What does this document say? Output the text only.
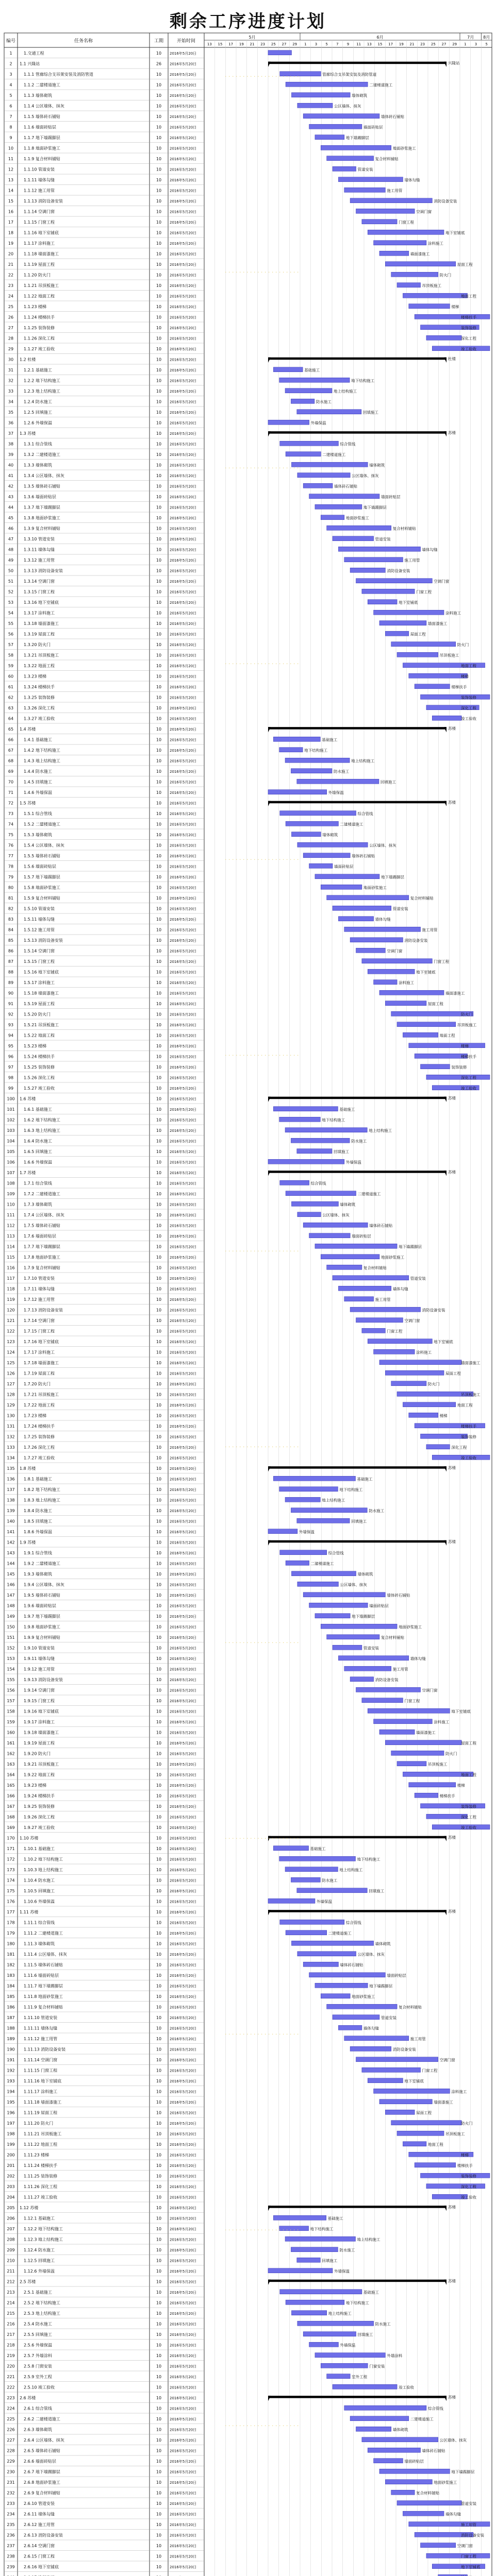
剩余工序进度计划
编号	任务名称	工期	开始时间
5月	6月	7月 8月
13 15 17 19 21 23 25 27 29 1 3 5 7 9 11 13 15 17 19 21 23 25 27 29 1 3 5
1	1.交通工程	10 2016年5月20日
2 1.1 兴隆站	26 2016年5月20日	兴隆站
3	1.1.1 管廊综合支吊架安装及消防管道	10 2016年5月20日	管廊综合支吊架安装及消防管道
4	1.1.2 二建楼道施工	10 2016年5月20日	二建楼道施工
5	1.1.3 墙体砌筑	10 2016年5月20日	墙体砌筑
6	1.1.4 公区墙体、抹灰	10 2016年5月20日	公区墙体、抹灰
7	1.1.5 墙体砖石铺贴	10 2016年5月20日	墙体砖石铺贴
8	1.1.6 墙面砖贴层	10 2016年5月20日	墙面砖贴层
9	1.1.7 地下墙踢脚层	10 2016年5月20日	地下墙踢脚层
10 1.1.8 地面砂浆施工	10 2016年5月20日	地面砂浆施工
11 1.1.9 复合材料铺贴	10 2016年5月20日	复合材料铺贴
12 1.1.10 管道安装	10 2016年5月20日	管道安装
13 1.1.11 墙体勾缝	10 2016年5月20日	墙体勾缝
14 1.1.12 施工用管	10 2016年5月20日	施工用管
15 1.1.13 消防设备安装	10 2016年5月20日	消防设备安装
16 1.1.14 空调门窗	10 2016年5月20日	空调门窗
17 1.1.15 门窗工程	10 2016年5月20日	门窗工程
18 1.1.16 地下室铺底	10 2016年5月20日	地下室铺底
19 1.1.17 涂料施工	10 2016年5月20日	涂料施工
20 1.1.18 墙面漆施工	10 2016年5月20日	墙面漆施工
21 1.1.19 屋面工程	10 2016年5月20日	屋面工程
22 1.1.20 防火门	10 2016年5月20日	防火门
23 1.1.21 吊顶板施工	10 2016年5月20日	吊顶板施工
24 1.1.22 地面工程	10 2016年5月20日	地面工程
25 1.1.23 楼梯	10 2016年5月20日	楼梯
26 1.1.24 楼梯扶手	10 2016年5月20日	楼梯扶手
27 1.1.25 装饰装修	10 2016年5月20日	装饰装修
28 1.1.26 深化工程	10 2016年5月20日	深化工程
29 1.1.27 竣工验收	10 2016年5月20日	竣工验收
30 1.2 杜楼	10 2016年5月20日	杜楼
31 1.2.1 基础施工	10 2016年5月20日	基础施工
32 1.2.2 地下结构施工	10 2016年5月20日	地下结构施工
33 1.2.3 地上结构施工	10 2016年5月20日	地上结构施工
34 1.2.4 防水施工	10 2016年5月20日	防水施工
35 1.2.5 回填施工	10 2016年5月20日	回填施工
36 1.2.6 外墙保温	10 2016年5月20日	外墙保温
37 1.3 苏楼	10 2016年5月20日	苏楼
38 1.3.1 综合管线	10 2016年5月20日	综合管线
39 1.3.2 二建楼道施工	10 2016年5月20日	二建楼道施工
40 1.3.3 墙体砌筑	10 2016年5月20日	墙体砌筑
41 1.3.4 公区墙体、抹灰	10 2016年5月20日	公区墙体、抹灰
42 1.3.5 墙体砖石铺贴	10 2016年5月20日	墙体砖石铺贴
43 1.3.6 墙面砖贴层	10 2016年5月20日	墙面砖贴层
44 1.3.7 地下墙踢脚层	10 2016年5月20日	地下墙踢脚层
45 1.3.8 地面砂浆施工	10 2016年5月20日	地面砂浆施工
46 1.3.9 复合材料铺贴	10 2016年5月20日	复合材料铺贴
47 1.3.10 管道安装	10 2016年5月20日	管道安装
48 1.3.11 墙体勾缝	10 2016年5月20日	墙体勾缝
49 1.3.12 施工用管	10 2016年5月20日	施工用管
50 1.3.13 消防设备安装	10 2016年5月20日	消防设备安装
51 1.3.14 空调门窗	10 2016年5月20日	空调门窗
52 1.3.15 门窗工程	10 2016年5月20日	门窗工程
53 1.3.16 地下室铺底	10 2016年5月20日	地下室铺底
54 1.3.17 涂料施工	10 2016年5月20日	涂料施工
55 1.3.18 墙面漆施工	10 2016年5月20日	墙面漆施工
56 1.3.19 屋面工程	10 2016年5月20日	屋面工程
57 1.3.20 防火门	10 2016年5月20日	防火门
58 1.3.21 吊顶板施工	10 2016年5月20日	吊顶板施工
59 1.3.22 地面工程	10 2016年5月20日	地面工程
60 1.3.23 楼梯	10 2016年5月20日	楼梯
61 1.3.24 楼梯扶手	10 2016年5月20日	楼梯扶手
62 1.3.25 装饰装修	10 2016年5月20日	装饰装修
63 1.3.26 深化工程	10 2016年5月20日	深化工程
64 1.3.27 竣工验收	10 2016年5月20日	竣工验收
65 1.4 苏楼	10 2016年5月20日	苏楼
66 1.4.1 基础施工	10 2016年5月20日	基础施工
67 1.4.2 地下结构施工	10 2016年5月20日	地下结构施工
68 1.4.3 地上结构施工	10 2016年5月20日	地上结构施工
69 1.4.4 防水施工	10 2016年5月20日	防水施工
70 1.4.5 回填施工	10 2016年5月20日	回填施工
71 1.4.6 外墙保温	10 2016年5月20日	外墙保温
72 1.5 苏楼	10 2016年5月20日	苏楼
73 1.5.1 综合管线	10 2016年5月20日	综合管线
74 1.5.2 二建楼道施工	10 2016年5月20日	二建楼道施工
75 1.5.3 墙体砌筑	10 2016年5月20日	墙体砌筑
76 1.5.4 公区墙体、抹灰	10 2016年5月20日	公区墙体、抹灰
77 1.5.5 墙体砖石铺贴	10 2016年5月20日	墙体砖石铺贴
78 1.5.6 墙面砖贴层	10 2016年5月20日	墙面砖贴层
79 1.5.7 地下墙踢脚层	10 2016年5月20日	地下墙踢脚层
80 1.5.8 地面砂浆施工	10 2016年5月20日	地面砂浆施工
81 1.5.9 复合材料铺贴	10 2016年5月20日	复合材料铺贴
82 1.5.10 管道安装	10 2016年5月20日	管道安装
83 1.5.11 墙体勾缝	10 2016年5月20日	墙体勾缝
84 1.5.12 施工用管	10 2016年5月20日	施工用管
85 1.5.13 消防设备安装	10 2016年5月20日	消防设备安装
86 1.5.14 空调门窗	10 2016年5月20日	空调门窗
87 1.5.15 门窗工程	10 2016年5月20日	门窗工程
88 1.5.16 地下室铺底	10 2016年5月20日	地下室铺底
89 1.5.17 涂料施工	10 2016年5月20日	涂料施工
90 1.5.18 墙面漆施工	10 2016年5月20日	墙面漆施工
91 1.5.19 屋面工程	10 2016年5月20日	屋面工程
92 1.5.20 防火门	10 2016年5月20日	防火门
93 1.5.21 吊顶板施工	10 2016年5月20日	吊顶板施工
94 1.5.22 地面工程	10 2016年5月20日	地面工程
95 1.5.23 楼梯	10 2016年5月20日	楼梯
96 1.5.24 楼梯扶手	10 2016年5月20日	楼梯扶手
97 1.5.25 装饰装修	10 2016年5月20日	装饰装修
98 1.5.26 深化工程	10 2016年5月20日	深化工程
99 1.5.27 竣工验收	10 2016年5月20日	竣工验收
100 1.6 苏楼	10 2016年5月20日	苏楼
101 1.6.1 基础施工	10 2016年5月20日	基础施工
102 1.6.2 地下结构施工	10 2016年5月20日	地下结构施工
103 1.6.3 地上结构施工	10 2016年5月20日	地上结构施工
104 1.6.4 防水施工	10 2016年5月20日	防水施工
105 1.6.5 回填施工	10 2016年5月20日	回填施工
106 1.6.6 外墙保温	10 2016年5月20日	外墙保温
107 1.7 苏楼	10 2016年5月20日	苏楼
108 1.7.1 综合管线	10 2016年5月20日	综合管线
109 1.7.2 二建楼道施工	10 2016年5月20日	二建楼道施工
110 1.7.3 墙体砌筑	10 2016年5月20日	墙体砌筑
111 1.7.4 公区墙体、抹灰	10 2016年5月20日	公区墙体、抹灰
112 1.7.5 墙体砖石铺贴	10 2016年5月20日	墙体砖石铺贴
113 1.7.6 墙面砖贴层	10 2016年5月20日	墙面砖贴层
114 1.7.7 地下墙踢脚层	10 2016年5月20日	地下墙踢脚层
115 1.7.8 地面砂浆施工	10 2016年5月20日	地面砂浆施工
116 1.7.9 复合材料铺贴	10 2016年5月20日	复合材料铺贴
117 1.7.10 管道安装	10 2016年5月20日	管道安装
118 1.7.11 墙体勾缝	10 2016年5月20日	墙体勾缝
119 1.7.12 施工用管	10 2016年5月20日	施工用管
120 1.7.13 消防设备安装	10 2016年5月20日	消防设备安装
121 1.7.14 空调门窗	10 2016年5月20日	空调门窗
122 1.7.15 门窗工程	10 2016年5月20日	门窗工程
123 1.7.16 地下室铺底	10 2016年5月20日	地下室铺底
124 1.7.17 涂料施工	10 2016年5月20日	涂料施工
125 1.7.18 墙面漆施工	10 2016年5月20日	墙面漆施工
126 1.7.19 屋面工程	10 2016年5月20日	屋面工程
127 1.7.20 防火门	10 2016年5月20日	防火门
128 1.7.21 吊顶板施工	10 2016年5月20日	吊顶板施工
129 1.7.22 地面工程	10 2016年5月20日	地面工程
130 1.7.23 楼梯	10 2016年5月20日	楼梯
131 1.7.24 楼梯扶手	10 2016年5月20日	楼梯扶手
132 1.7.25 装饰装修	10 2016年5月20日	装饰装修
133 1.7.26 深化工程	10 2016年5月20日	深化工程
134 1.7.27 竣工验收	10 2016年5月20日	竣工验收
135 1.8 苏楼	10 2016年5月20日	苏楼
136 1.8.1 基础施工	10 2016年5月20日	基础施工
137 1.8.2 地下结构施工	10 2016年5月20日	地下结构施工
138 1.8.3 地上结构施工	10 2016年5月20日	地上结构施工
139 1.8.4 防水施工	10 2016年5月20日	防水施工
140 1.8.5 回填施工	10 2016年5月20日	回填施工
141 1.8.6 外墙保温	10 2016年5月20日	外墙保温
142 1.9 苏楼	10 2016年5月20日	苏楼
143 1.9.1 综合管线	10 2016年5月20日	综合管线
144 1.9.2 二建楼道施工	10 2016年5月20日	二建楼道施工
145 1.9.3 墙体砌筑	10 2016年5月20日	墙体砌筑
146 1.9.4 公区墙体、抹灰	10 2016年5月20日	公区墙体、抹灰
147 1.9.5 墙体砖石铺贴	10 2016年5月20日	墙体砖石铺贴
148 1.9.6 墙面砖贴层	10 2016年5月20日	墙面砖贴层
149 1.9.7 地下墙踢脚层	10 2016年5月20日	地下墙踢脚层
150 1.9.8 地面砂浆施工	10 2016年5月20日	地面砂浆施工
151 1.9.9 复合材料铺贴	10 2016年5月20日	复合材料铺贴
152 1.9.10 管道安装	10 2016年5月20日	管道安装
153 1.9.11 墙体勾缝	10 2016年5月20日	墙体勾缝
154 1.9.12 施工用管	10 2016年5月20日	施工用管
155 1.9.13 消防设备安装	10 2016年5月20日	消防设备安装
156 1.9.14 空调门窗	10 2016年5月20日	空调门窗
157 1.9.15 门窗工程	10 2016年5月20日	门窗工程
158 1.9.16 地下室铺底	10 2016年5月20日	地下室铺底
159 1.9.17 涂料施工	10 2016年5月20日	涂料施工
160 1.9.18 墙面漆施工	10 2016年5月20日	墙面漆施工
161 1.9.19 屋面工程	10 2016年5月20日	屋面工程
162 1.9.20 防火门	10 2016年5月20日	防火门
163 1.9.21 吊顶板施工	10 2016年5月20日	吊顶板施工
164 1.9.22 地面工程	10 2016年5月20日	地面工程
165 1.9.23 楼梯	10 2016年5月20日	楼梯
166 1.9.24 楼梯扶手	10 2016年5月20日	楼梯扶手
167 1.9.25 装饰装修	10 2016年5月20日	装饰装修
168 1.9.26 深化工程	10 2016年5月20日	深化工程
169 1.9.27 竣工验收	10 2016年5月20日	竣工验收
170 1.10 苏楼	10 2016年5月20日	苏楼
171 1.10.1 基础施工	10 2016年5月20日	基础施工
172 1.10.2 地下结构施工	10 2016年5月20日	地下结构施工
173 1.10.3 地上结构施工	10 2016年5月20日	地上结构施工
174 1.10.4 防水施工	10 2016年5月20日	防水施工
175 1.10.5 回填施工	10 2016年5月20日	回填施工
176 1.10.6 外墙保温	10 2016年5月20日	外墙保温
177 1.11 苏楼	10 2016年5月20日	苏楼
178 1.11.1 综合管线	10 2016年5月20日	综合管线
179 1.11.2 二建楼道施工	10 2016年5月20日	二建楼道施工
180 1.11.3 墙体砌筑	10 2016年5月20日	墙体砌筑
181 1.11.4 公区墙体、抹灰	10 2016年5月20日	公区墙体、抹灰
182 1.11.5 墙体砖石铺贴	10 2016年5月20日	墙体砖石铺贴
183 1.11.6 墙面砖贴层	10 2016年5月20日	墙面砖贴层
184 1.11.7 地下墙踢脚层	10 2016年5月20日	地下墙踢脚层
185 1.11.8 地面砂浆施工	10 2016年5月20日	地面砂浆施工
186 1.11.9 复合材料铺贴	10 2016年5月20日	复合材料铺贴
187 1.11.10 管道安装	10 2016年5月20日	管道安装
188 1.11.11 墙体勾缝	10 2016年5月20日	墙体勾缝
189 1.11.12 施工用管	10 2016年5月20日	施工用管
190 1.11.13 消防设备安装	10 2016年5月20日	消防设备安装
191 1.11.14 空调门窗	10 2016年5月20日	空调门窗
192 1.11.15 门窗工程	10 2016年5月20日	门窗工程
193 1.11.16 地下室铺底	10 2016年5月20日	地下室铺底
194 1.11.17 涂料施工	10 2016年5月20日	涂料施工
195 1.11.18 墙面漆施工	10 2016年5月20日	墙面漆施工
196 1.11.19 屋面工程	10 2016年5月20日	屋面工程
197 1.11.20 防火门	10 2016年5月20日	防火门
198 1.11.21 吊顶板施工	10 2016年5月20日	吊顶板施工
199 1.11.22 地面工程	10 2016年5月20日	地面工程
200 1.11.23 楼梯	10 2016年5月20日	楼梯
201 1.11.24 楼梯扶手	10 2016年5月20日	楼梯扶手
202 1.11.25 装饰装修	10 2016年5月20日	装饰装修
203 1.11.26 深化工程	10 2016年5月20日	深化工程
204 1.11.27 竣工验收	10 2016年5月20日	竣工验收
205 1.12 苏楼	10 2016年5月20日	苏楼
206 1.12.1 基础施工	10 2016年5月20日	基础施工
207 1.12.2 地下结构施工	10 2016年5月20日	地下结构施工
208 1.12.3 地上结构施工	10 2016年5月20日	地上结构施工
209 1.12.4 防水施工	10 2016年5月20日	防水施工
210 1.12.5 回填施工	10 2016年5月20日	回填施工
211 1.12.6 外墙保温	10 2016年5月20日	外墙保温
212 2.5 苏楼	10 2016年5月20日	苏楼
213 2.5.1 基础施工	10 2016年5月20日	基础施工
214 2.5.2 地下结构施工	10 2016年5月20日	地下结构施工
215 2.5.3 地上结构施工	10 2016年5月20日	地上结构施工
216 2.5.4 防水施工	10 2016年5月20日	防水施工
217 2.5.5 回填施工	10 2016年5月20日	回填施工
218 2.5.6 外墙保温	10 2016年5月20日	外墙保温
219 2.5.7 外墙涂料	10 2016年5月20日	外墙涂料
220 2.5.8 门窗安装	10 2016年5月20日	门窗安装
221 2.5.9 室外工程	10 2016年5月20日	室外工程
222 2.5.10 竣工验收	10 2016年5月20日	竣工验收
223 2.6 苏楼	10 2016年5月20日	苏楼
224 2.6.1 综合管线	10 2016年5月20日	综合管线
225 2.6.2 二建楼道施工	10 2016年5月20日	二建楼道施工
226 2.6.3 墙体砌筑	10 2016年5月20日	墙体砌筑
227 2.6.4 公区墙体、抹灰	10 2016年5月20日	公区墙体、抹灰
228 2.6.5 墙体砖石铺贴	10 2016年5月20日	墙体砖石铺贴
229 2.6.6 墙面砖贴层	10 2016年5月20日	墙面砖贴层
230 2.6.7 地下墙踢脚层	10 2016年5月20日	地下墙踢脚层
231 2.6.8 地面砂浆施工	10 2016年5月20日	地面砂浆施工
232 2.6.9 复合材料铺贴	10 2016年5月20日	复合材料铺贴
233 2.6.10 管道安装	10 2016年5月20日	管道安装
234 2.6.11 墙体勾缝	10 2016年5月20日	墙体勾缝
235 2.6.12 施工用管	10 2016年5月20日	施工用管
236 2.6.13 消防设备安装	10 2016年5月20日	消防设备安装
237 2.6.14 空调门窗	10 2016年5月20日	空调门窗
238 2.6.15 门窗工程	10 2016年5月20日	门窗工程
239 2.6.16 地下室铺底	10 2016年5月20日	地下室铺底
· · · · · · · · · · · · · · · · · · · · ·
· · · · · · · · · · · · · · · · · · · · ·
· · · · · · · · · · · · · · · · · · · · ·
· · · · · · · · · · · · · · · · · · · · ·
· · · · · · · · · · · · · · · · · · · · ·
· · · · · · · · · · · · · · · · · · · · ·
· · · · · · · · · · · · · · · · · · · · ·
· · · · · · · · · · · · · · · · · · · · ·
· · · · · · · · · · · · · · · · · · · · ·
· · · · · · · · · · · · · · · · · · · · ·
· · · · · · · · · · · · · · · · · · · · ·
· · · · · · · · · · · · · · · · · · · · ·
· · · · · · · · · · · · · · · · · · · · ·
